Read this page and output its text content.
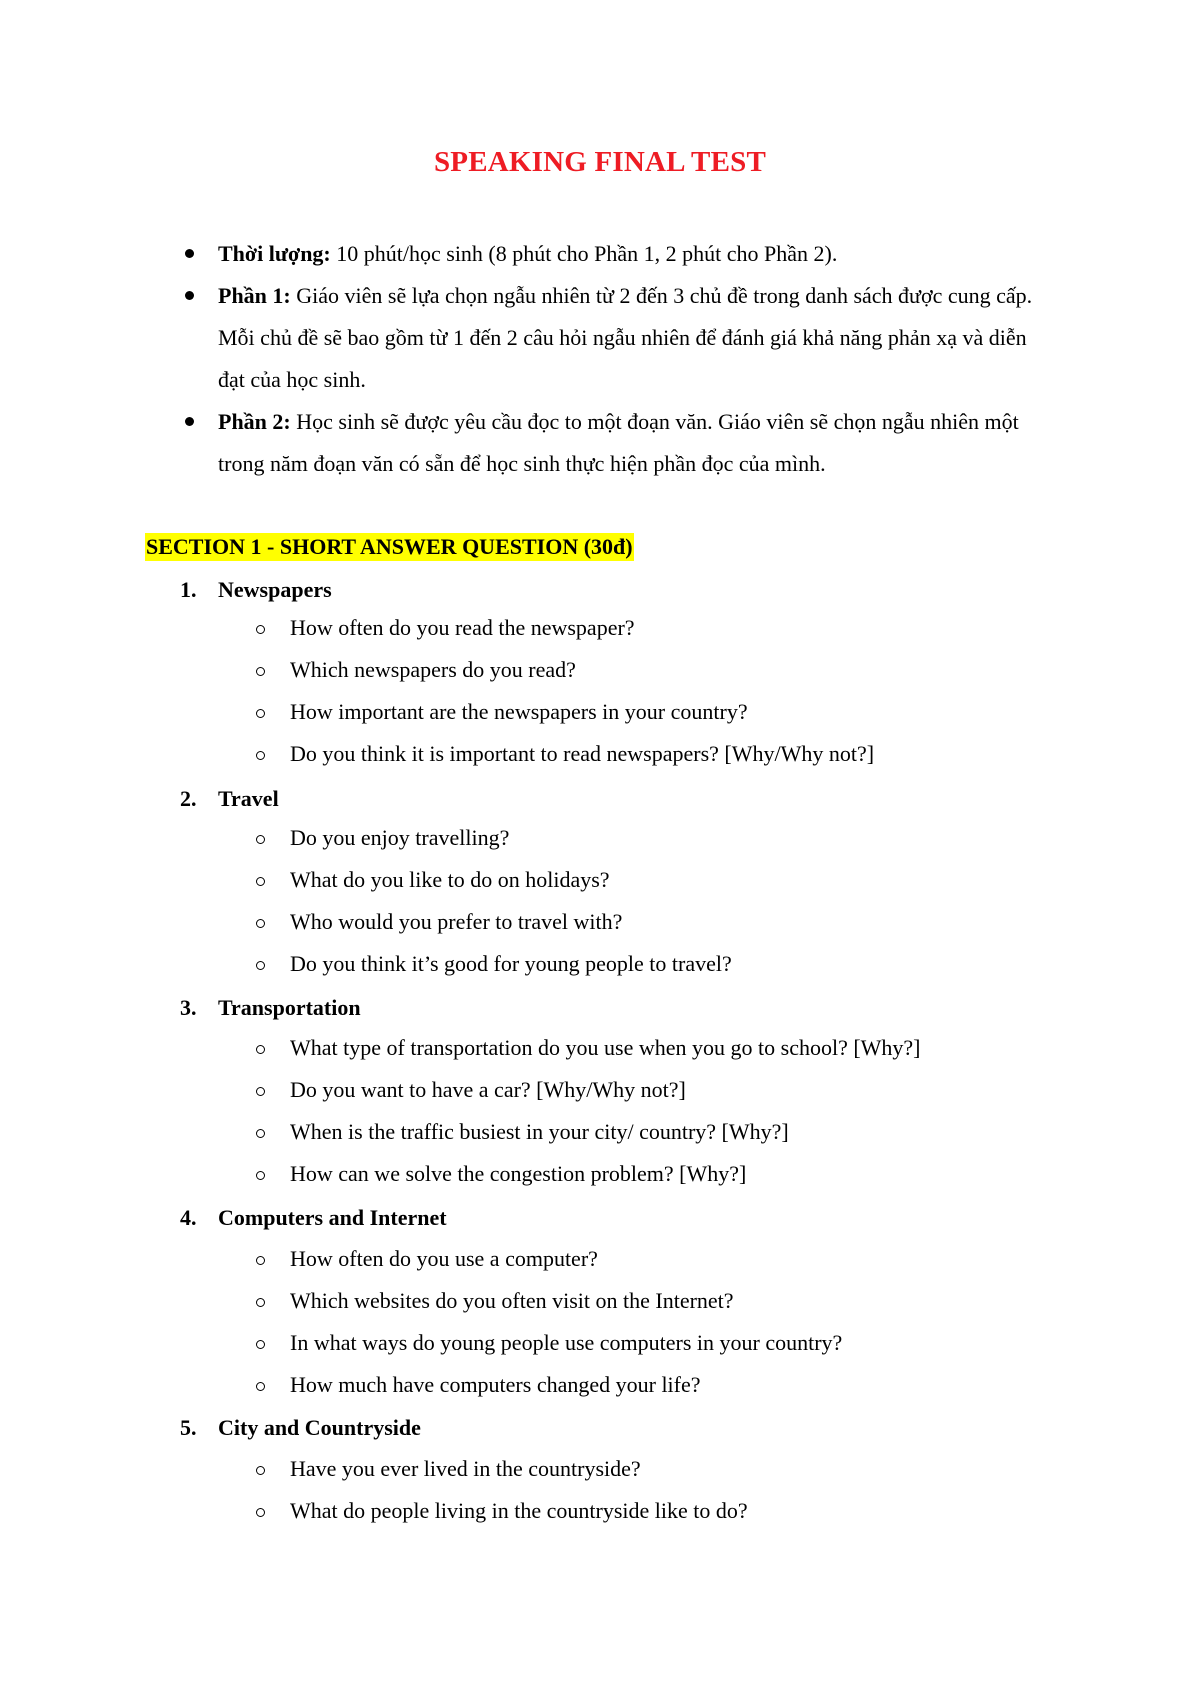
SPEAKING FINAL TEST
Thời lượng: 10 phút/học sinh (8 phút cho Phần 1, 2 phút cho Phần 2).
Phần 1: Giáo viên sẽ lựa chọn ngẫu nhiên từ 2 đến 3 chủ đề trong danh sách được cung cấp. Mỗi chủ đề sẽ bao gồm từ 1 đến 2 câu hỏi ngẫu nhiên để đánh giá khả năng phản xạ và diễn đạt của học sinh.
Phần 2: Học sinh sẽ được yêu cầu đọc to một đoạn văn. Giáo viên sẽ chọn ngẫu nhiên một trong năm đoạn văn có sẵn để học sinh thực hiện phần đọc của mình.
SECTION 1 - SHORT ANSWER QUESTION (30đ)
1. Newspapers
How often do you read the newspaper?
Which newspapers do you read?
How important are the newspapers in your country?
Do you think it is important to read newspapers? [Why/Why not?]
2. Travel
Do you enjoy travelling?
What do you like to do on holidays?
Who would you prefer to travel with?
Do you think it’s good for young people to travel?
3. Transportation
What type of transportation do you use when you go to school? [Why?]
Do you want to have a car? [Why/Why not?]
When is the traffic busiest in your city/ country? [Why?]
How can we solve the congestion problem? [Why?]
4. Computers and Internet
How often do you use a computer?
Which websites do you often visit on the Internet?
In what ways do young people use computers in your country?
How much have computers changed your life?
5. City and Countryside
Have you ever lived in the countryside?
What do people living in the countryside like to do?
